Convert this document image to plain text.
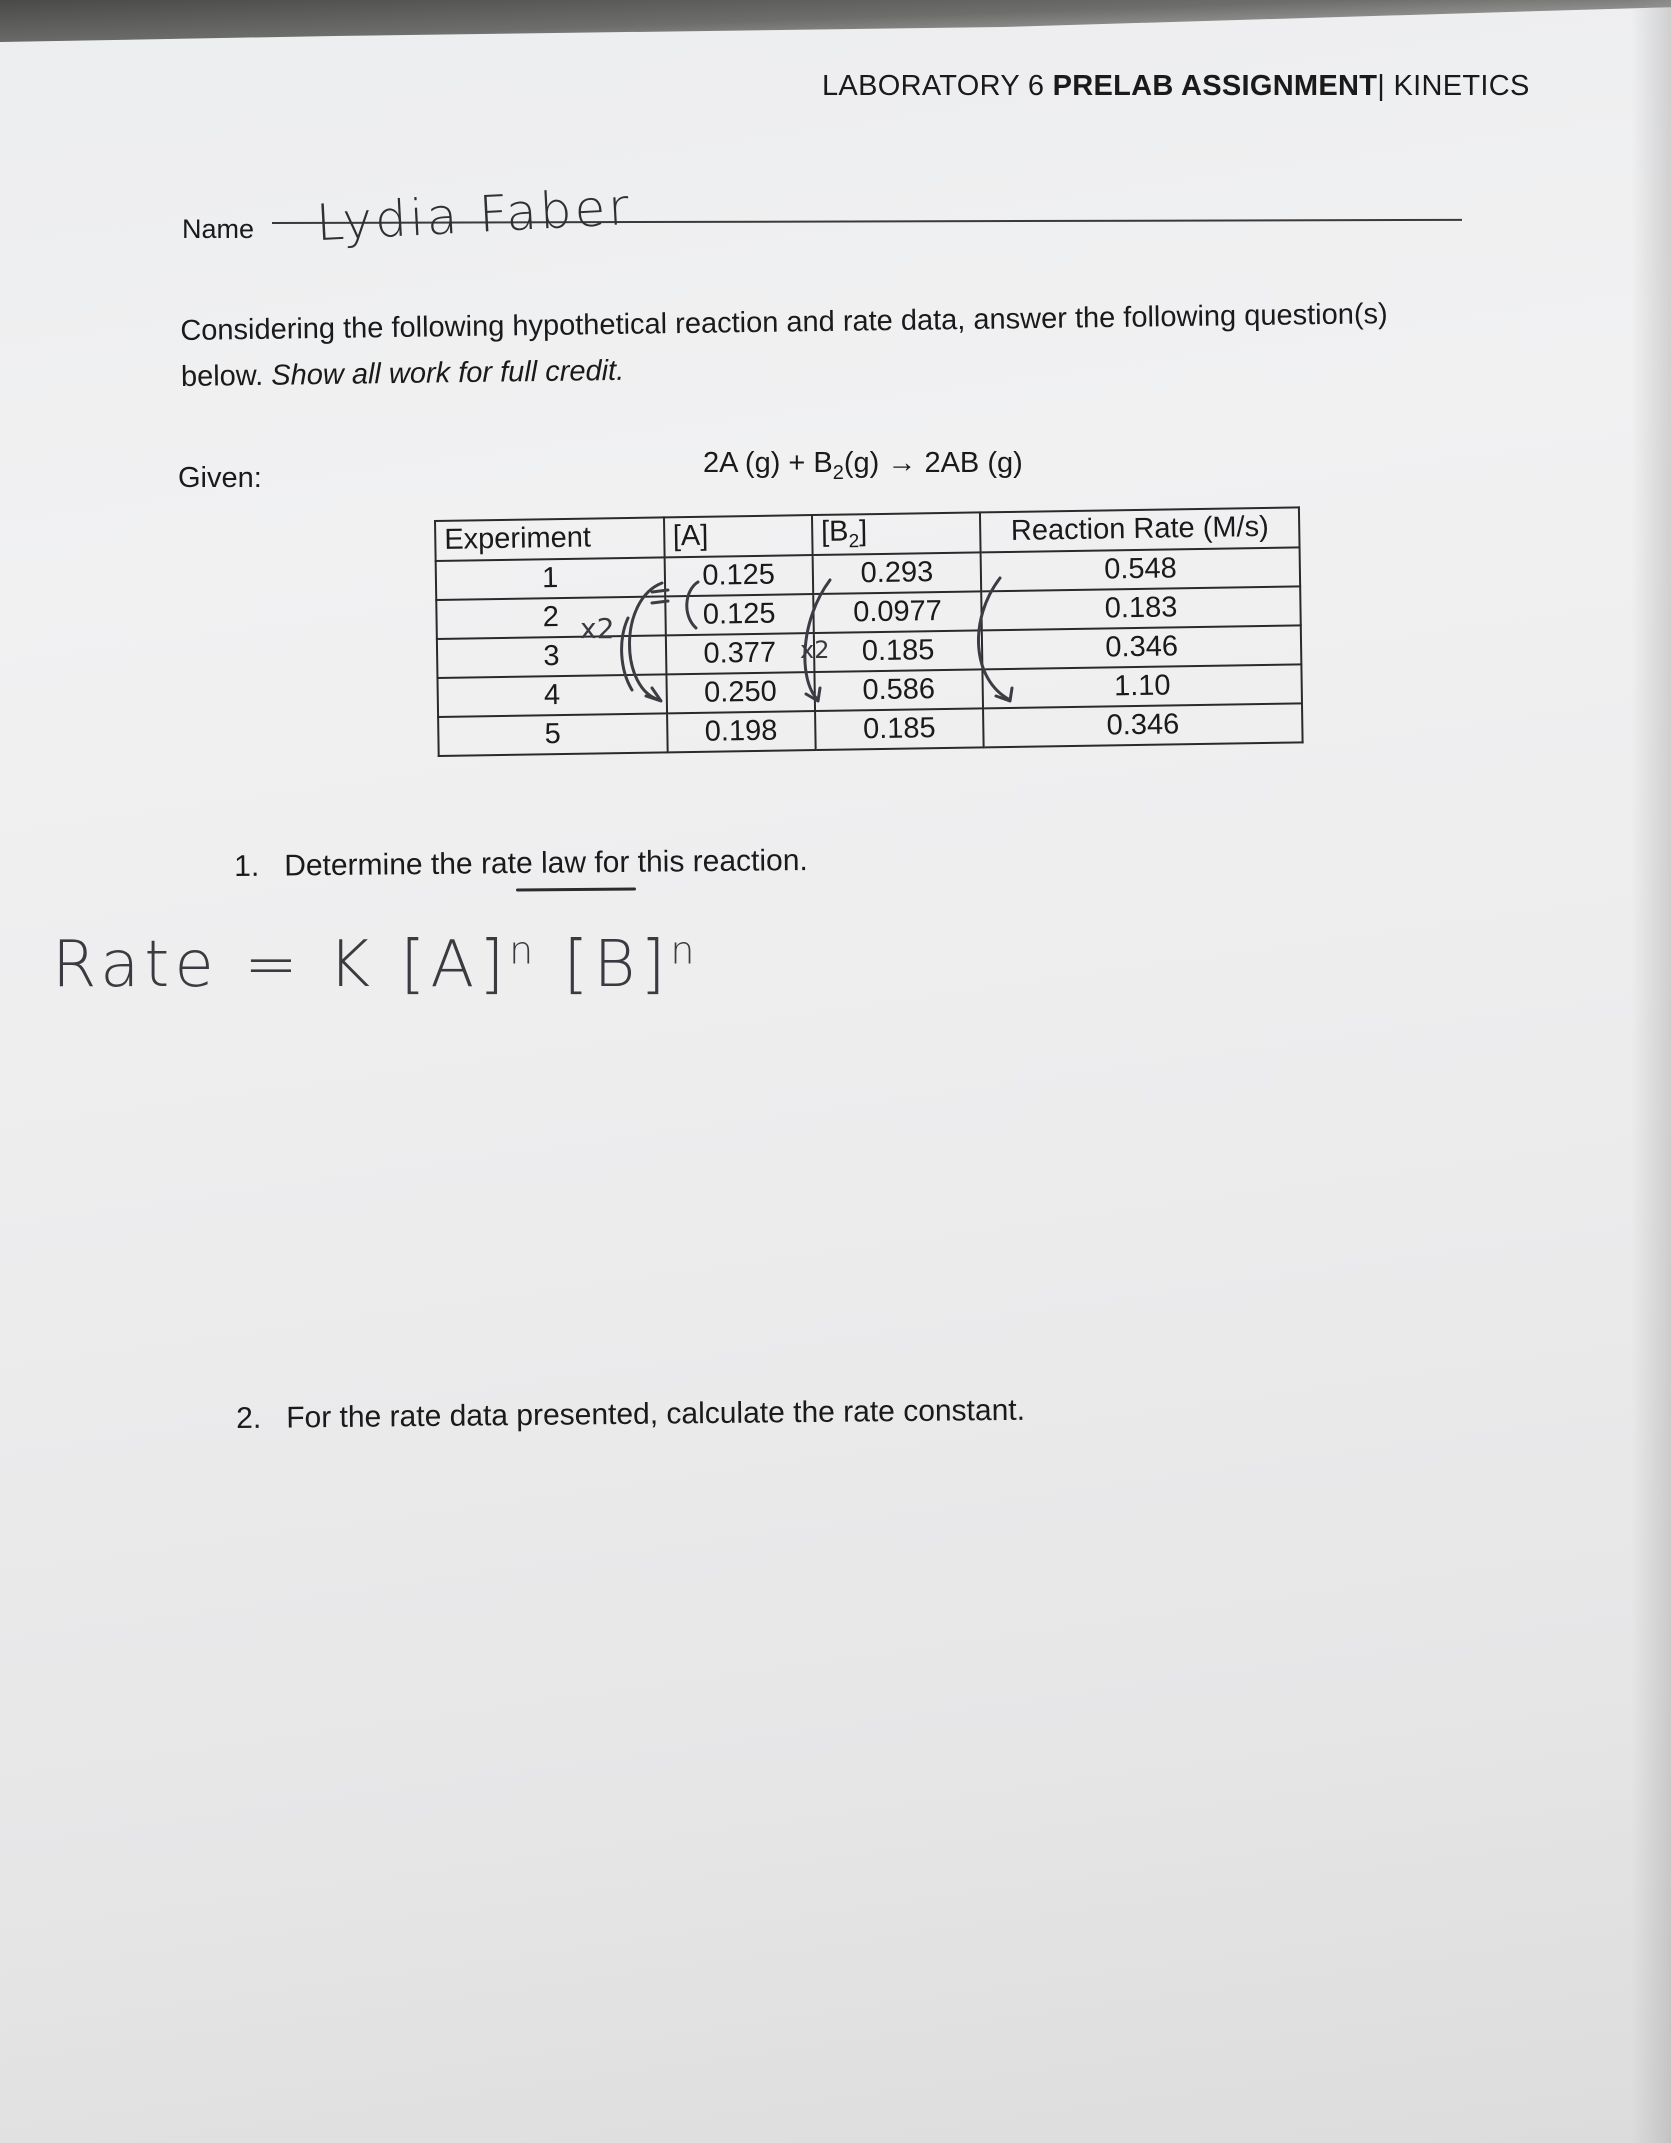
LABORATORY 6 PRELAB ASSIGNMENT| KINETICS
Name Lydia Faber
Considering the following hypothetical reaction and rate data, answer the following question(s)
below. Show all work for full credit.
Given:	2A $(g) + B_2(g) \to 2AB$ (g)
Experiment	[A]	$[B_2]$	Reaction Rate (M/s)
1	0.125	0.293	0.548
2	0.125	0.0977	0.183
3	0.377	0.185	0.346
4	0.250	0.586	1.10
5	0.198	0.185	0.346
x2
x2
1. Determine the rate law for this reaction.
Rate = K $[A]^n$ $[B]^n$
2. For the rate data presented, calculate the rate constant.
